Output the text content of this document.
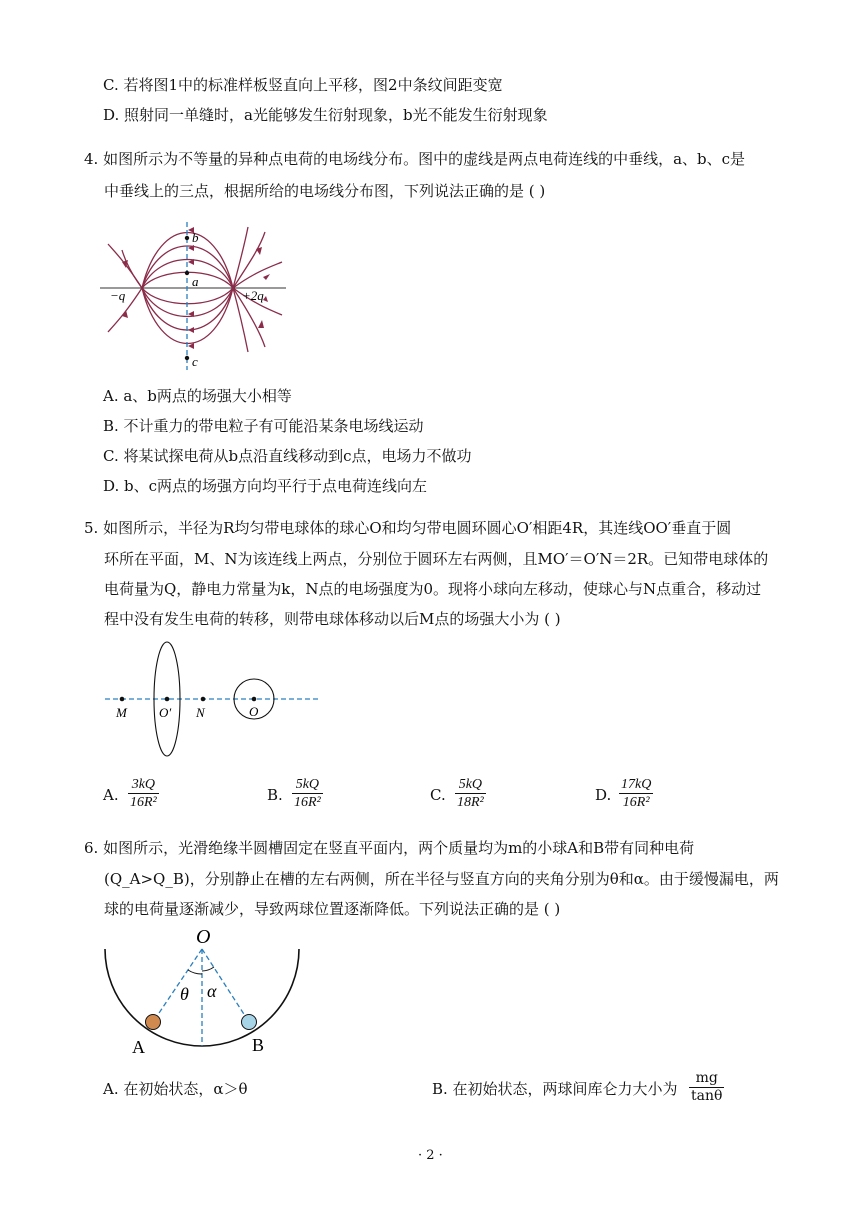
C. 若将图1中的标准样板竖直向上平移，图2中条纹间距变宽
D. 照射同一单缝时，a光能够发生衍射现象，b光不能发生衍射现象
4. 如图所示为不等量的异种点电荷的电场线分布。图中的虚线是两点电荷连线的中垂线，a、b、c是
中垂线上的三点，根据所给的电场线分布图，下列说法正确的是 ( )
b
a
c
−q	+2q
A. a、b两点的场强大小相等
B. 不计重力的带电粒子有可能沿某条电场线运动
C. 将某试探电荷从b点沿直线移动到c点，电场力不做功
D. b、c两点的场强方向均平行于点电荷连线向左
5. 如图所示，半径为R均匀带电球体的球心O和均匀带电圆环圆心O′相距4R，其连线OO′垂直于圆
环所在平面，M、N为该连线上两点，分别位于圆环左右两侧，且MO′＝O′N＝2R。已知带电球体的
电荷量为Q，静电力常量为k，N点的电场强度为0。现将小球向左移动，使球心与N点重合，移动过
程中没有发生电荷的转移，则带电球体移动以后M点的场强大小为 ( )
M O′ N	O
A. $\frac{3kQ}{\text{16R²}}$	B. $\frac{5kQ}{\text{16R²}}$	C. $\frac{5kQ}{\text{18R²}}$	D. $\frac{17kQ}{\text{16R²}}$
6. 如图所示，光滑绝缘半圆槽固定在竖直平面内，两个质量均为m的小球A和B带有同种电荷
(Q_A>Q_B)，分别静止在槽的左右两侧，所在半径与竖直方向的夹角分别为θ和α。由于缓慢漏电，两
球的电荷量逐渐减少，导致两球位置逐渐降低。下列说法正确的是 ( )
O
θ α
A	B
A. 在初始状态，α＞θ	B. 在初始状态，两球间库仑力大小为 $\frac{mg}{\tan\theta}$
· 2 ·
